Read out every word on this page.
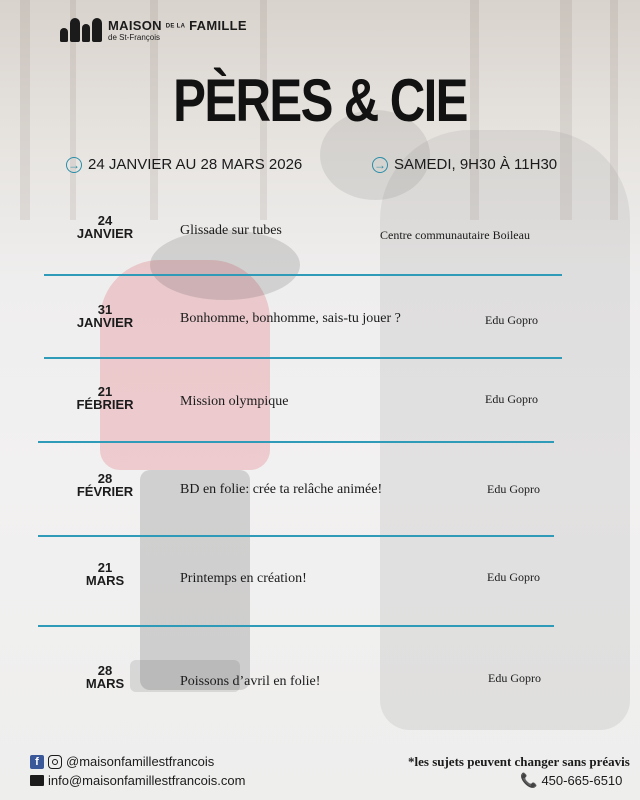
MAISON DE LA FAMILLE
de St-François
PÈRES & CIE
→ 24 JANVIER AU 28 MARS 2026	→ SAMEDI, 9H30 À 11H30
24
JANVIER	Glissade sur tubes	Centre communautaire Boileau
31
JANVIER	Bonhomme, bonhomme, sais-tu jouer ?	Edu Gopro
21
FÉBRIER	Mission olympique	Edu Gopro
28
FÉVRIER	BD en folie: crée ta relâche animée!	Edu Gopro
21
MARS	Printemps en création!	Edu Gopro
28
MARS	Poissons d’avril en folie!	Edu Gopro
f	@maisonfamillestfrancois
info@maisonfamillestfrancois.com
*les sujets peuvent changer sans préavis
📞 450-665-6510
